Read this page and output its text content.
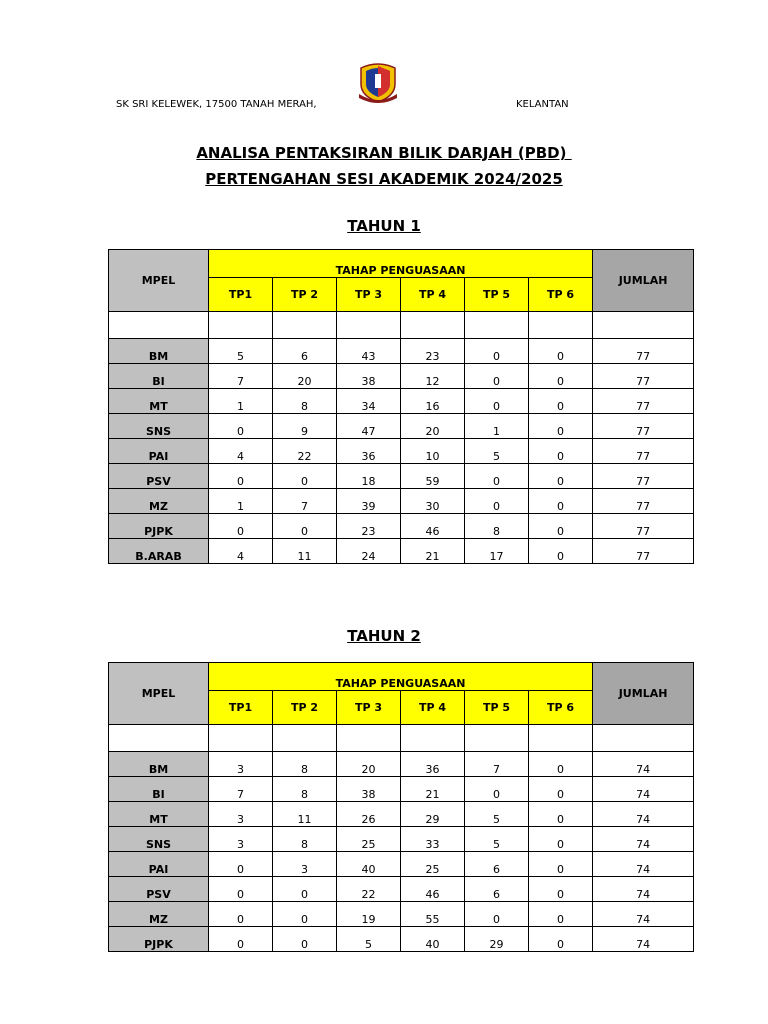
SK SRI KELEWEK, 17500 TANAH MERAH,	KELANTAN
ANALISA PENTAKSIRAN BILIK DARJAH (PBD)
PERTENGAHAN SESI AKADEMIK 2024/2025
TAHUN 1
MPEL	TAHAP PENGUASAAN						JUMLAH
	TP1	TP 2	TP 3	TP 4	TP 5	TP 6	

BM	5	6	43	23	0	0	77
BI	7	20	38	12	0	0	77
MT	1	8	34	16	0	0	77
SNS	0	9	47	20	1	0	77
PAI	4	22	36	10	5	0	77
PSV	0	0	18	59	0	0	77
MZ	1	7	39	30	0	0	77
PJPK	0	0	23	46	8	0	77
B.ARAB	4	11	24	21	17	0	77
TAHUN 2
MPEL	TAHAP PENGUASAAN						JUMLAH
	TP1	TP 2	TP 3	TP 4	TP 5	TP 6	

BM	3	8	20	36	7	0	74
BI	7	8	38	21	0	0	74
MT	3	11	26	29	5	0	74
SNS	3	8	25	33	5	0	74
PAI	0	3	40	25	6	0	74
PSV	0	0	22	46	6	0	74
MZ	0	0	19	55	0	0	74
PJPK	0	0	5	40	29	0	74
